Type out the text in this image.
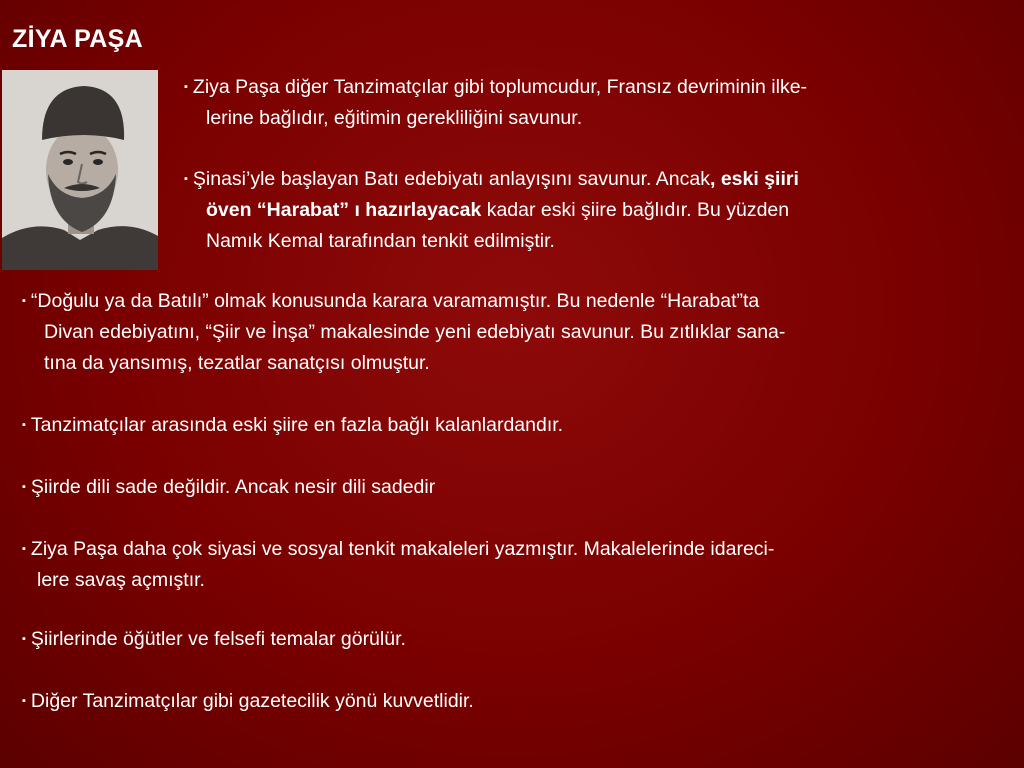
ZİYA PAŞA

▪ Ziya Paşa diğer Tanzimatçılar gibi toplumcudur, Fransız devriminin ilke-
lerine bağlıdır, eğitimin gerekliliğini savunur.

▪ Şinasi’yle başlayan Batı edebiyatı anlayışını savunur. Ancak, eski şiiri
öven “Harabat” ı hazırlayacak kadar eski şiire bağlıdır. Bu yüzden
Namık Kemal tarafından tenkit edilmiştir.

▪ “Doğulu ya da Batılı” olmak konusunda karara varamamıştır. Bu nedenle “Harabat”ta
Divan edebiyatını, “Şiir ve İnşa” makalesinde yeni edebiyatı savunur. Bu zıtlıklar sana-
tına da yansımış, tezatlar sanatçısı olmuştur.

▪ Tanzimatçılar arasında eski şiire en fazla bağlı kalanlardandır.

▪ Şiirde dili sade değildir. Ancak nesir dili sadedir

▪ Ziya Paşa daha çok siyasi ve sosyal tenkit makaleleri yazmıştır. Makalelerinde idareci-
lere savaş açmıştır.

▪ Şiirlerinde öğütler ve felsefi temalar görülür.

▪ Diğer Tanzimatçılar gibi gazetecilik yönü kuvvetlidir.
